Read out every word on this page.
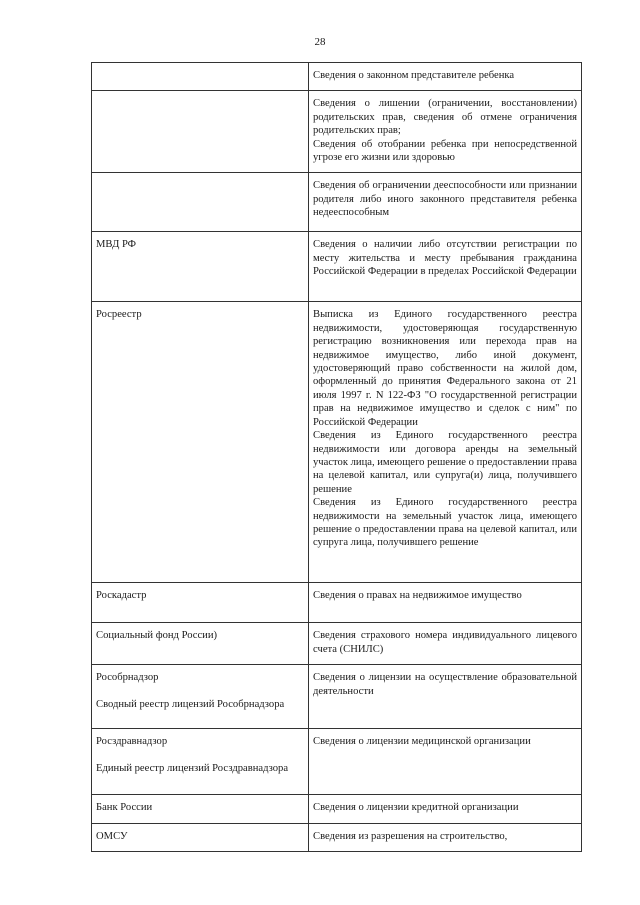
28

	Сведения о законном представителе ребенка

	Сведения о лишении (ограничении, восстановлении) родительских прав, сведения об отмене ограничения родительских прав;
Сведения об отобрании ребенка при непосредственной угрозе его жизни или здоровью

	Сведения об ограничении дееспособности или признании родителя либо иного законного представителя ребенка недееспособным

МВД РФ	Сведения о наличии либо отсутствии регистрации по месту жительства и месту пребывания гражданина Российской Федерации в пределах Российской Федерации

Росреестр	Выписка из Единого государственного реестра недвижимости, удостоверяющая государственную регистрацию возникновения или перехода прав на недвижимое имущество, либо иной документ, удостоверяющий право собственности на жилой дом, оформленный до принятия Федерального закона от 21 июля 1997 г. N 122-ФЗ "О государственной регистрации прав на недвижимое имущество и сделок с ним" по Российской Федерации
Сведения из Единого государственного реестра недвижимости или договора аренды на земельный участок лица, имеющего решение о предоставлении права на целевой капитал, или супруга(и) лица, получившего решение
Сведения из Единого государственного реестра недвижимости на земельный участок лица, имеющего решение о предоставлении права на целевой капитал, или супруга лица, получившего решение

Роскадастр	Сведения о правах на недвижимое имущество

Социальный фонд России)	Сведения страхового номера индивидуального лицевого счета (СНИЛС)

Рособрнадзор
Сводный реестр лицензий Рособрнадзора	Сведения о лицензии на осуществление образовательной деятельности

Росздравнадзор
Единый реестр лицензий Росздравнадзора	Сведения о лицензии медицинской организации

Банк России	Сведения о лицензии кредитной организации

ОМСУ	Сведения из разрешения на строительство,
